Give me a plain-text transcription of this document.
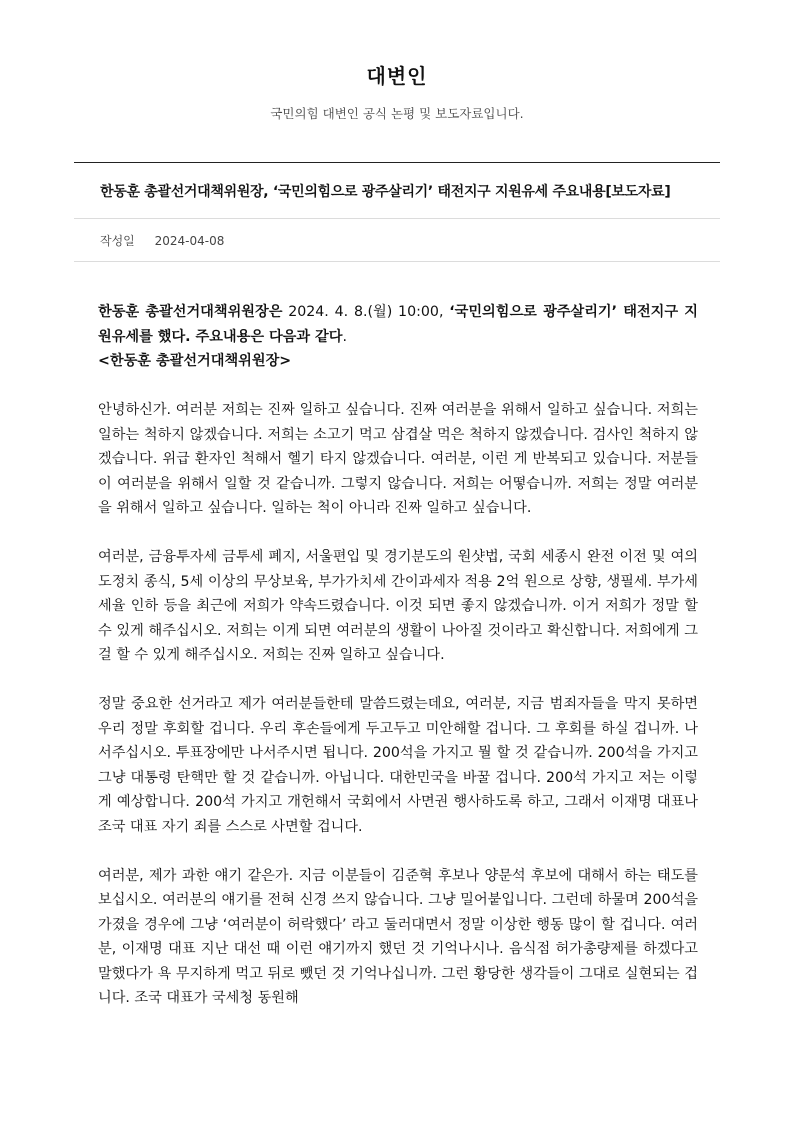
대변인
국민의힘 대변인 공식 논평 및 보도자료입니다.
한동훈 총괄선거대책위원장, ‘국민의힘으로 광주살리기’ 태전지구 지원유세 주요내용[보도자료]
작성일 2024-04-08

한동훈 총괄선거대책위원장은 2024. 4. 8.(월) 10:00, ‘국민의힘으로 광주살리기’ 태전지구 지원유세를 했다. 주요내용은 다음과 같다.
<한동훈 총괄선거대책위원장>

안녕하신가. 여러분 저희는 진짜 일하고 싶습니다. 진짜 여러분을 위해서 일하고 싶습니다. 저희는 일하는 척하지 않겠습니다. 저희는 소고기 먹고 삼겹살 먹은 척하지 않겠습니다. 검사인 척하지 않겠습니다. 위급 환자인 척해서 헬기 타지 않겠습니다. 여러분, 이런 게 반복되고 있습니다. 저분들이 여러분을 위해서 일할 것 같습니까. 그렇지 않습니다. 저희는 어떻습니까. 저희는 정말 여러분을 위해서 일하고 싶습니다. 일하는 척이 아니라 진짜 일하고 싶습니다.

여러분, 금융투자세 금투세 폐지, 서울편입 및 경기분도의 원샷법, 국회 세종시 완전 이전 및 여의도정치 종식, 5세 이상의 무상보육, 부가가치세 간이과세자 적용 2억 원으로 상향, 생필세. 부가세 세율 인하 등을 최근에 저희가 약속드렸습니다. 이것 되면 좋지 않겠습니까. 이거 저희가 정말 할 수 있게 해주십시오. 저희는 이게 되면 여러분의 생활이 나아질 것이라고 확신합니다. 저희에게 그걸 할 수 있게 해주십시오. 저희는 진짜 일하고 싶습니다.

정말 중요한 선거라고 제가 여러분들한테 말씀드렸는데요, 여러분, 지금 범죄자들을 막지 못하면 우리 정말 후회할 겁니다. 우리 후손들에게 두고두고 미안해할 겁니다. 그 후회를 하실 겁니까. 나서주십시오. 투표장에만 나서주시면 됩니다. 200석을 가지고 뭘 할 것 같습니까. 200석을 가지고 그냥 대통령 탄핵만 할 것 같습니까. 아닙니다. 대한민국을 바꿀 겁니다. 200석 가지고 저는 이렇게 예상합니다. 200석 가지고 개헌해서 국회에서 사면권 행사하도록 하고, 그래서 이재명 대표나 조국 대표 자기 죄를 스스로 사면할 겁니다.

여러분, 제가 과한 얘기 같은가. 지금 이분들이 김준혁 후보나 양문석 후보에 대해서 하는 태도를 보십시오. 여러분의 얘기를 전혀 신경 쓰지 않습니다. 그냥 밀어붙입니다. 그런데 하물며 200석을 가졌을 경우에 그냥 ‘여러분이 허락했다’ 라고 둘러대면서 정말 이상한 행동 많이 할 겁니다. 여러분, 이재명 대표 지난 대선 때 이런 얘기까지 했던 것 기억나시나. 음식점 허가총량제를 하겠다고 말했다가 욕 무지하게 먹고 뒤로 뺐던 것 기억나십니까. 그런 황당한 생각들이 그대로 실현되는 겁니다. 조국 대표가 국세청 동원해
